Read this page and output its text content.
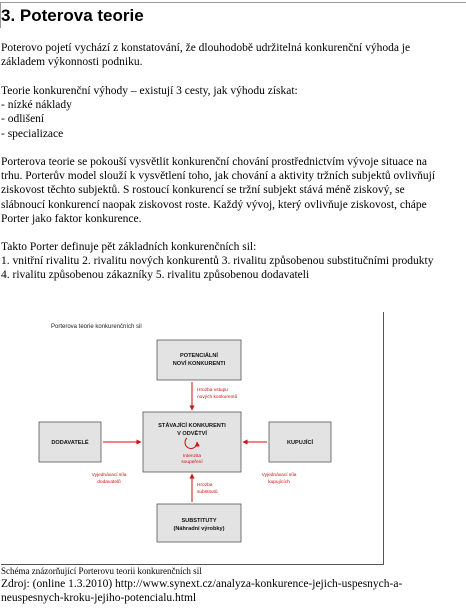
3. Poterova teorie
Poterovo pojetí vychází z konstatování, že dlouhodobě udržitelná konkurenční výhoda je
základem výkonnosti podniku.
Teorie konkurenční výhody – existují 3 cesty, jak výhodu získat:
- nízké náklady
- odlišení
- specializace
Porterova teorie se pokouší vysvětlit konkurenční chování prostřednictvím vývoje situace na
trhu. Porterův model slouží k vysvětlení toho, jak chování a aktivity tržních subjektů ovlivňují
ziskovost těchto subjektů. S rostoucí konkurencí se tržní subjekt stává méně ziskový, se
slábnoucí konkurencí naopak ziskovost roste. Každý vývoj, který ovlivňuje ziskovost, chápe
Porter jako faktor konkurence.
Takto Porter definuje pět základních konkurenčních sil:
1. vnitřní rivalitu 2. rivalitu nových konkurentů 3. rivalitu způsobenou substitučními produkty
4. rivalitu způsobenou zákazníky 5. rivalitu způsobenou dodavateli
Porterova teorie konkurenčních sil
POTENCIÁLNÍ
NOVÍ KONKURENTI
STÁVAJÍCÍ KONKURENTI
V ODVĚTVÍ
Intenzita
soupeření
DODAVATELÉ	KUPUJÍCÍ
SUBSTITUTY
(Náhradní výrobky)
Hrozba vstupu
nových konkurentů
Vyjednávací síla
dodavatelů
Vyjednávací síla
kupujících
Hrozba
substitutů
Schéma znázorňující Porterovu teorii konkurenčních sil
Zdroj: (online 1.3.2010) http://www.synext.cz/analyza-konkurence-jejich-uspesnych-a-
neuspesnych-kroku-jejiho-potencialu.html
